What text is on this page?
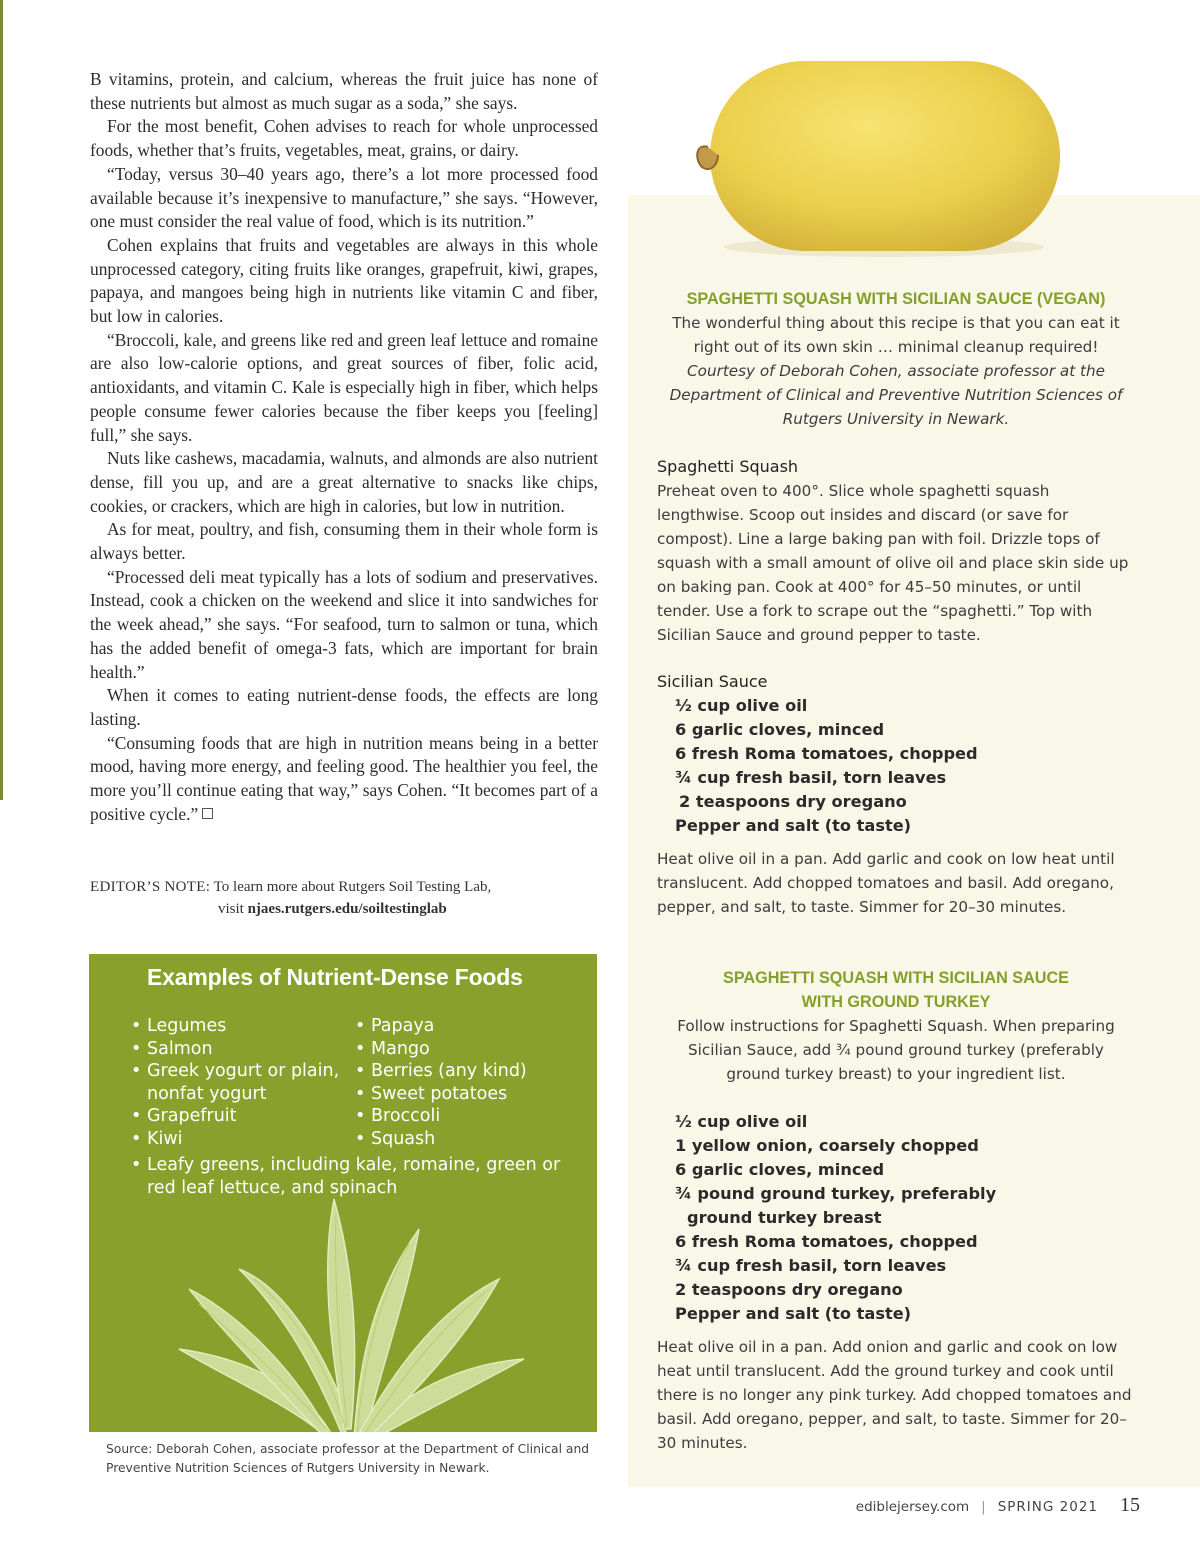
B vitamins, protein, and calcium, whereas the fruit juice has none of these nutrients but almost as much sugar as a soda,” she says.

For the most benefit, Cohen advises to reach for whole unprocessed foods, whether that’s fruits, vegetables, meat, grains, or dairy.

“Today, versus 30–40 years ago, there’s a lot more processed food available because it’s inexpensive to manufacture,” she says. “However, one must consider the real value of food, which is its nutrition.”

Cohen explains that fruits and vegetables are always in this whole unprocessed category, citing fruits like oranges, grapefruit, kiwi, grapes, papaya, and mangoes being high in nutrients like vitamin C and fiber, but low in calories.

“Broccoli, kale, and greens like red and green leaf lettuce and romaine are also low-calorie options, and great sources of fiber, folic acid, antioxidants, and vitamin C. Kale is especially high in fiber, which helps people consume fewer calories because the fiber keeps you [feeling] full,” she says.

Nuts like cashews, macadamia, walnuts, and almonds are also nutrient dense, fill you up, and are a great alternative to snacks like chips, cookies, or crackers, which are high in calories, but low in nutrition.

As for meat, poultry, and fish, consuming them in their whole form is always better.

“Processed deli meat typically has a lots of sodium and preservatives. Instead, cook a chicken on the weekend and slice it into sandwiches for the week ahead,” she says. “For seafood, turn to salmon or tuna, which has the added benefit of omega-3 fats, which are important for brain health.”

When it comes to eating nutrient-dense foods, the effects are long lasting.

“Consuming foods that are high in nutrition means being in a better mood, having more energy, and feeling good. The healthier you feel, the more you’ll continue eating that way,” says Cohen. “It becomes part of a positive cycle.”

EDITOR’S NOTE: To learn more about Rutgers Soil Testing Lab,
visit njaes.rutgers.edu/soiltestinglab
Examples of Nutrient-Dense Foods
• Legumes
• Salmon
• Greek yogurt or plain, nonfat yogurt
• Grapefruit
• Kiwi
• Papaya
• Mango
• Berries (any kind)
• Sweet potatoes
• Broccoli
• Squash
• Leafy greens, including kale, romaine, green or red leaf lettuce, and spinach
Source: Deborah Cohen, associate professor at the Department of Clinical and Preventive Nutrition Sciences of Rutgers University in Newark.

SPAGHETTI SQUASH WITH SICILIAN SAUCE (VEGAN)

The wonderful thing about this recipe is that you can eat it right out of its own skin … minimal cleanup required!

Courtesy of Deborah Cohen, associate professor at the Department of Clinical and Preventive Nutrition Sciences of Rutgers University in Newark.

Spaghetti Squash

Preheat oven to 400°. Slice whole spaghetti squash lengthwise. Scoop out insides and discard (or save for compost). Line a large baking pan with foil. Drizzle tops of squash with a small amount of olive oil and place skin side up on baking pan. Cook at 400° for 45–50 minutes, or until tender. Use a fork to scrape out the “spaghetti.” Top with Sicilian Sauce and ground pepper to taste.

Sicilian Sauce

½ cup olive oil
6 garlic cloves, minced
6 fresh Roma tomatoes, chopped
¾ cup fresh basil, torn leaves
2 teaspoons dry oregano
Pepper and salt (to taste)

Heat olive oil in a pan. Add garlic and cook on low heat until translucent. Add chopped tomatoes and basil. Add oregano, pepper, and salt, to taste. Simmer for 20–30 minutes.

SPAGHETTI SQUASH WITH SICILIAN SAUCE

WITH GROUND TURKEY

Follow instructions for Spaghetti Squash. When preparing Sicilian Sauce, add ¾ pound ground turkey (preferably ground turkey breast) to your ingredient list.

½ cup olive oil
1 yellow onion, coarsely chopped
6 garlic cloves, minced
¾ pound ground turkey, preferably
ground turkey breast
6 fresh Roma tomatoes, chopped
¾ cup fresh basil, torn leaves
2 teaspoons dry oregano
Pepper and salt (to taste)

Heat olive oil in a pan. Add onion and garlic and cook on low heat until translucent. Add the ground turkey and cook until there is no longer any pink turkey. Add chopped tomatoes and basil. Add oregano, pepper, and salt, to taste. Simmer for 20–30 minutes.

ediblejersey.com | SPRING 2021 15
